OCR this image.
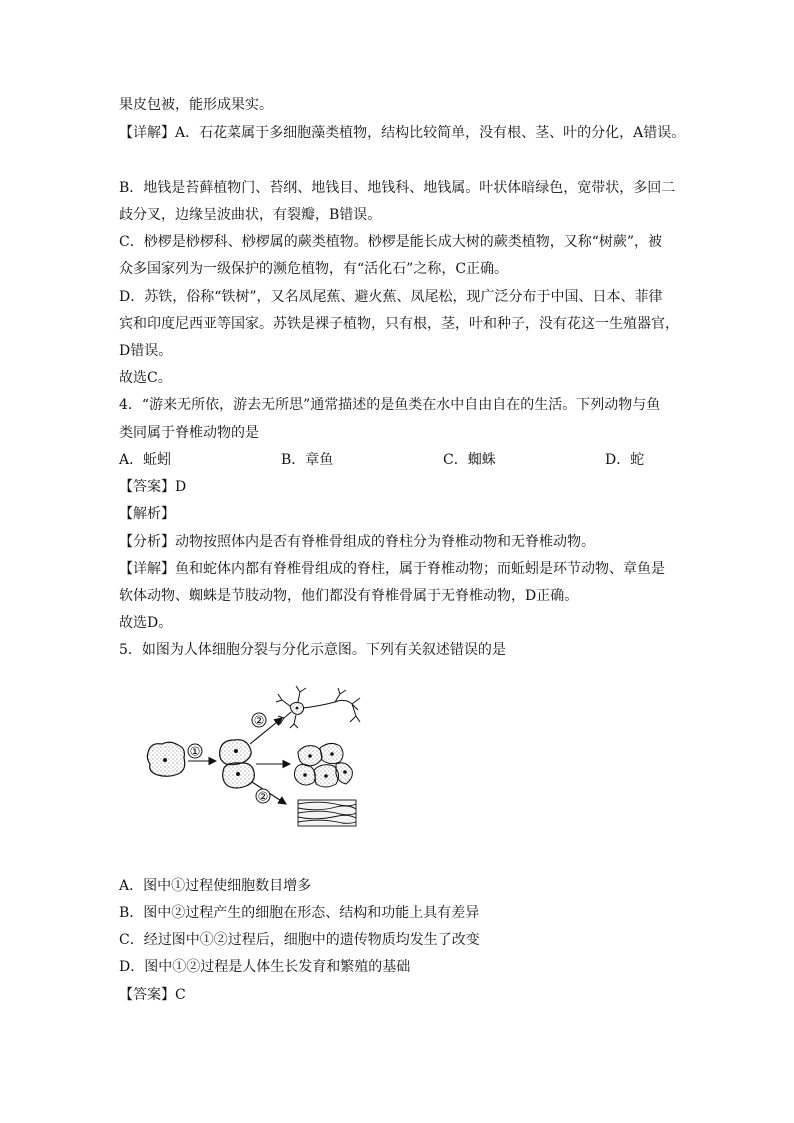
果皮包被，能形成果实。
【详解】A．石花菜属于多细胞藻类植物，结构比较简单，没有根、茎、叶的分化，A错误。
B．地钱是苔藓植物门、苔纲、地钱目、地钱科、地钱属。叶状体暗绿色，宽带状，多回二
歧分叉，边缘呈波曲状，有裂瓣，B错误。
C．桫椤是桫椤科、桫椤属的蕨类植物。桫椤是能长成大树的蕨类植物，又称“树蕨”，被
众多国家列为一级保护的濒危植物，有“活化石”之称，C正确。
D．苏铁，俗称“铁树”，又名凤尾蕉、避火蕉、凤尾松，现广泛分布于中国、日本、菲律
宾和印度尼西亚等国家。苏铁是裸子植物，只有根，茎，叶和种子，没有花这一生殖器官，
D错误。
故选C。
4．“游来无所依，游去无所思”通常描述的是鱼类在水中自由自在的生活。下列动物与鱼
类同属于脊椎动物的是
A．蚯蚓	B．章鱼	C．蜘蛛	D．蛇
【答案】D
【解析】
【分析】动物按照体内是否有脊椎骨组成的脊柱分为脊椎动物和无脊椎动物。
【详解】鱼和蛇体内都有脊椎骨组成的脊柱，属于脊椎动物；而蚯蚓是环节动物、章鱼是
软体动物、蜘蛛是节肢动物，他们都没有脊椎骨属于无脊椎动物，D正确。
故选D。
5．如图为人体细胞分裂与分化示意图。下列有关叙述错误的是
①
②
②
A．图中①过程使细胞数目增多
B．图中②过程产生的细胞在形态、结构和功能上具有差异
C．经过图中①②过程后，细胞中的遗传物质均发生了改变
D．图中①②过程是人体生长发育和繁殖的基础
【答案】C
